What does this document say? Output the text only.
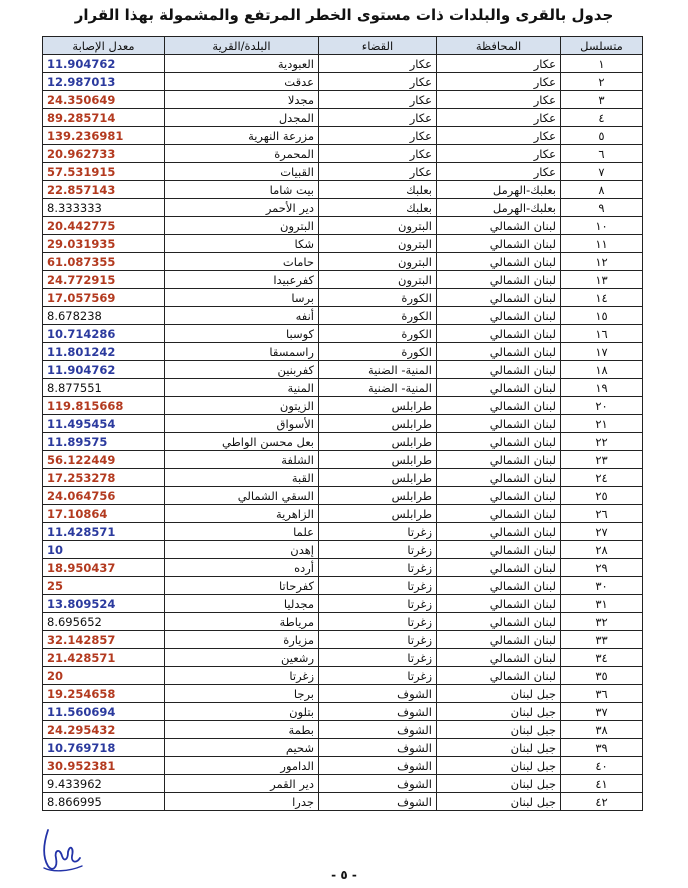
جدول بالقرى والبلدات ذات مستوى الخطر المرتفع والمشمولة بهذا القرار
معدل الإصابة	البلدة/القرية	القضاء	المحافظة	متسلسل
11.904762	العبودية	عكار	عكار	١
12.987013	عدقت	عكار	عكار	٢
24.350649	مجدلا	عكار	عكار	٣
89.285714	المجدل	عكار	عكار	٤
139.236981	مزرعة النهرية	عكار	عكار	٥
20.962733	المحمرة	عكار	عكار	٦
57.531915	القبيات	عكار	عكار	٧
22.857143	بيت شاما	بعلبك	بعلبك-الهرمل	٨
8.333333	دير الأحمر	بعلبك	بعلبك-الهرمل	٩
20.442775	البترون	البترون	لبنان الشمالي	١٠
29.031935	شكا	البترون	لبنان الشمالي	١١
61.087355	حامات	البترون	لبنان الشمالي	١٢
24.772915	كفرعبيدا	البترون	لبنان الشمالي	١٣
17.057569	برسا	الكورة	لبنان الشمالي	١٤
8.678238	أنفه	الكورة	لبنان الشمالي	١٥
10.714286	كوسبا	الكورة	لبنان الشمالي	١٦
11.801242	راسمسقا	الكورة	لبنان الشمالي	١٧
11.904762	كفربنين	المنية- الضنية	لبنان الشمالي	١٨
8.877551	المنية	المنية- الضنية	لبنان الشمالي	١٩
119.815668	الزيتون	طرابلس	لبنان الشمالي	٢٠
11.495454	الأسواق	طرابلس	لبنان الشمالي	٢١
11.89575	بعل محسن الواطي	طرابلس	لبنان الشمالي	٢٢
56.122449	الشلفة	طرابلس	لبنان الشمالي	٢٣
17.253278	القبة	طرابلس	لبنان الشمالي	٢٤
24.064756	السقي الشمالي	طرابلس	لبنان الشمالي	٢٥
17.10864	الزاهرية	طرابلس	لبنان الشمالي	٢٦
11.428571	علما	زغرتا	لبنان الشمالي	٢٧
10	إهدن	زغرتا	لبنان الشمالي	٢٨
18.950437	أرده	زغرتا	لبنان الشمالي	٢٩
25	كفرحاتا	زغرتا	لبنان الشمالي	٣٠
13.809524	مجدليا	زغرتا	لبنان الشمالي	٣١
8.695652	مرياطة	زغرتا	لبنان الشمالي	٣٢
32.142857	مزيارة	زغرتا	لبنان الشمالي	٣٣
21.428571	رشعين	زغرتا	لبنان الشمالي	٣٤
20	زغرتا	زغرتا	لبنان الشمالي	٣٥
19.254658	برجا	الشوف	جبل لبنان	٣٦
11.560694	بتلون	الشوف	جبل لبنان	٣٧
24.295432	بطمة	الشوف	جبل لبنان	٣٨
10.769718	شحيم	الشوف	جبل لبنان	٣٩
30.952381	الدامور	الشوف	جبل لبنان	٤٠
9.433962	دير القمر	الشوف	جبل لبنان	٤١
8.866995	جدرا	الشوف	جبل لبنان	٤٢
- ٥ -
